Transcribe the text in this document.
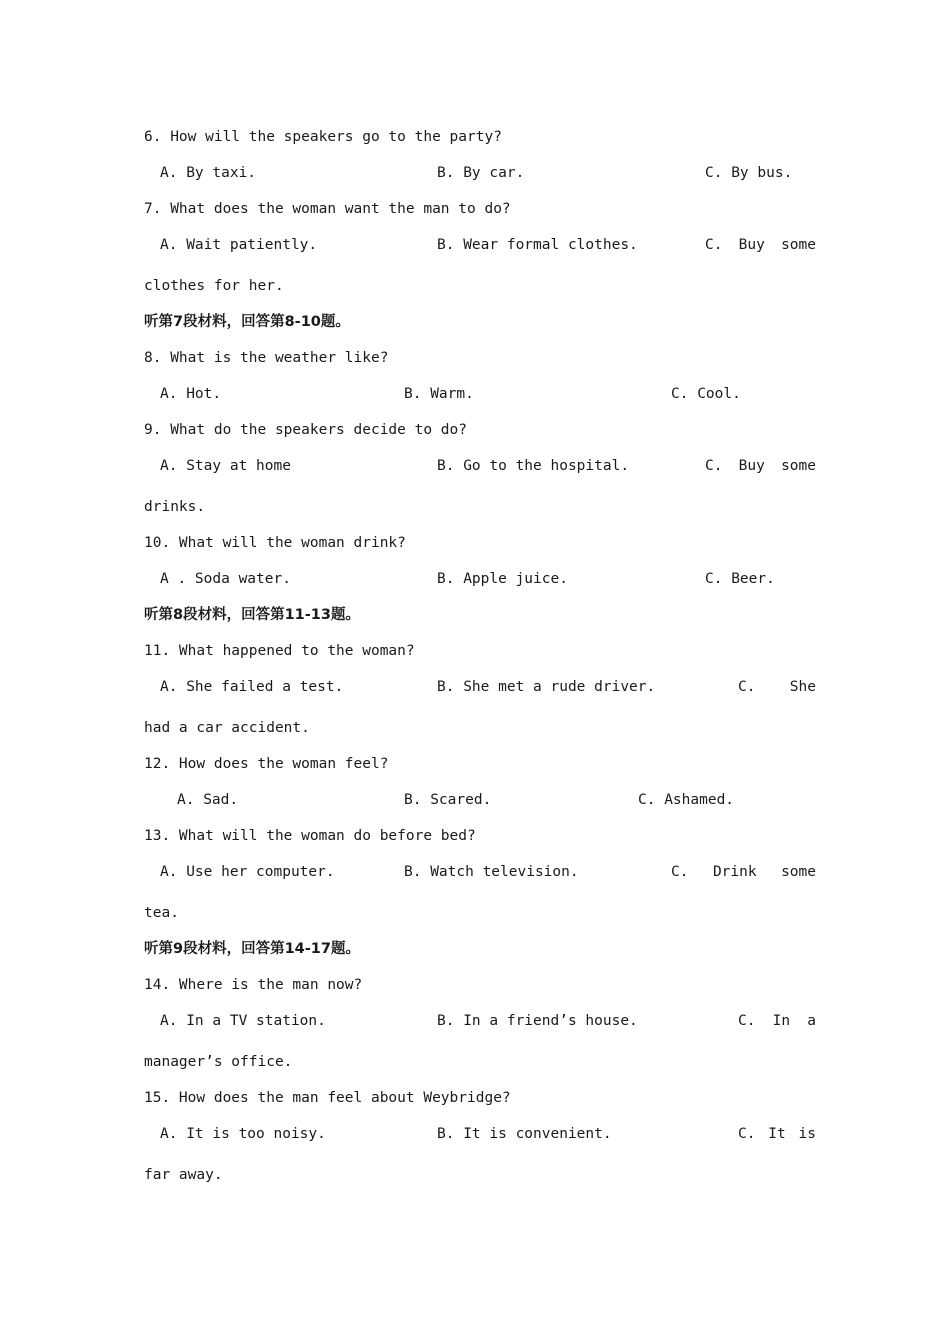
6. How will the speakers go to the party?
A. By taxi.	B. By car.	C. By bus.
7. What does the woman want the man to do?
A. Wait patiently.	B. Wear formal clothes.	C. Buy some
clothes for her.
听第7段材料，回答第8-10题。
8. What is the weather like?
A. Hot.	B. Warm.	C. Cool.
9. What do the speakers decide to do?
A. Stay at home	B. Go to the hospital.	C. Buy some
drinks.
10. What will the woman drink?
A . Soda water.	B. Apple juice.	C. Beer.
听第8段材料，回答第11-13题。
11. What happened to the woman?
A. She failed a test.	B. She met a rude driver.	C. She
had a car accident.
12. How does the woman feel?
A. Sad.	B. Scared.	C. Ashamed.
13. What will the woman do before bed?
A. Use her computer.	B. Watch television.	C. Drink some
tea.
听第9段材料，回答第14-17题。
14. Where is the man now?
A. In a TV station.	B. In a friend’s house.	C. In a
manager’s office.
15. How does the man feel about Weybridge?
A. It is too noisy.	B. It is convenient.	C. It is
far away.
